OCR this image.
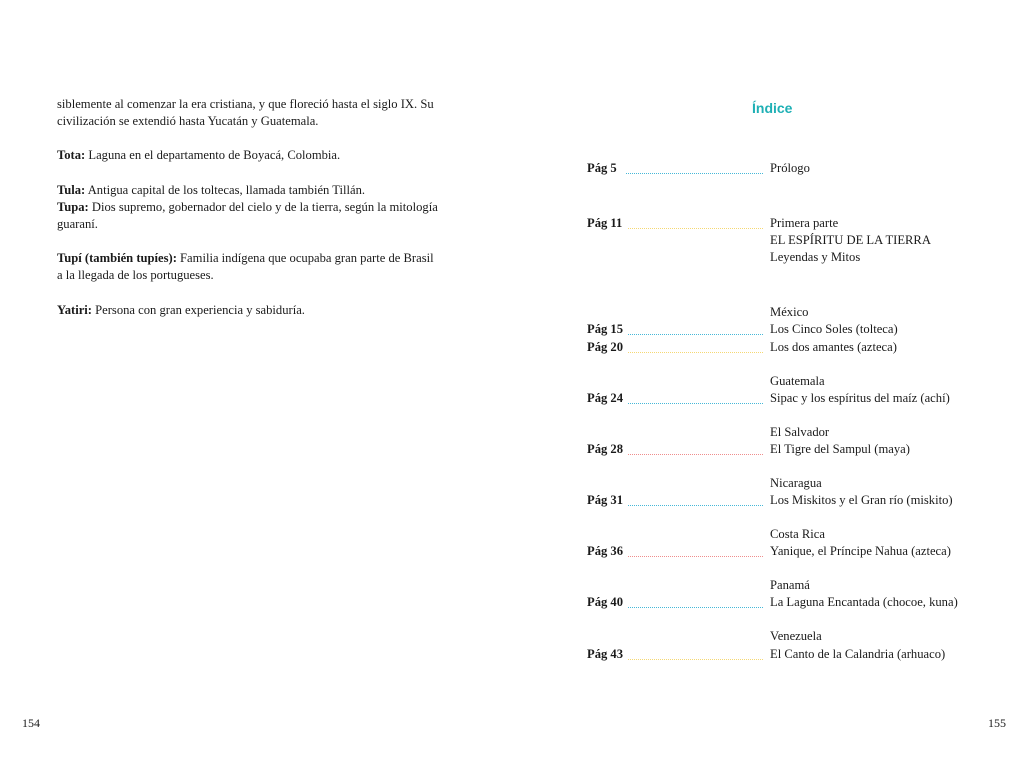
siblemente al comenzar la era cristiana, y que floreció hasta el siglo IX. Su civilización se extendió hasta Yucatán y Guatemala.

Tota: Laguna en el departamento de Boyacá, Colombia.

Tula: Antigua capital de los toltecas, llamada también Tillán.

Tupa: Dios supremo, gobernador del cielo y de la tierra, según la mitología guaraní.

Tupí (también tupíes): Familia indígena que ocupaba gran parte de Brasil a la llegada de los portugueses.

Yatiri: Persona con gran experiencia y sabiduría.

154
Índice
Pág 5	Prólogo
Pág 11	Primera parte
EL ESPÍRITU DE LA TIERRA
Leyendas y Mitos
México
Pág 15	Los Cinco Soles (tolteca)
Pág 20	Los dos amantes (azteca)
Guatemala
Pág 24	Sipac y los espíritus del maíz (achí)
El Salvador
Pág 28	El Tigre del Sampul (maya)
Nicaragua
Pág 31	Los Miskitos y el Gran río (miskito)
Costa Rica
Pág 36	Yanique, el Príncipe Nahua (azteca)
Panamá
Pág 40	La Laguna Encantada (chocoe, kuna)
Venezuela
Pág 43	El Canto de la Calandria (arhuaco)
155
